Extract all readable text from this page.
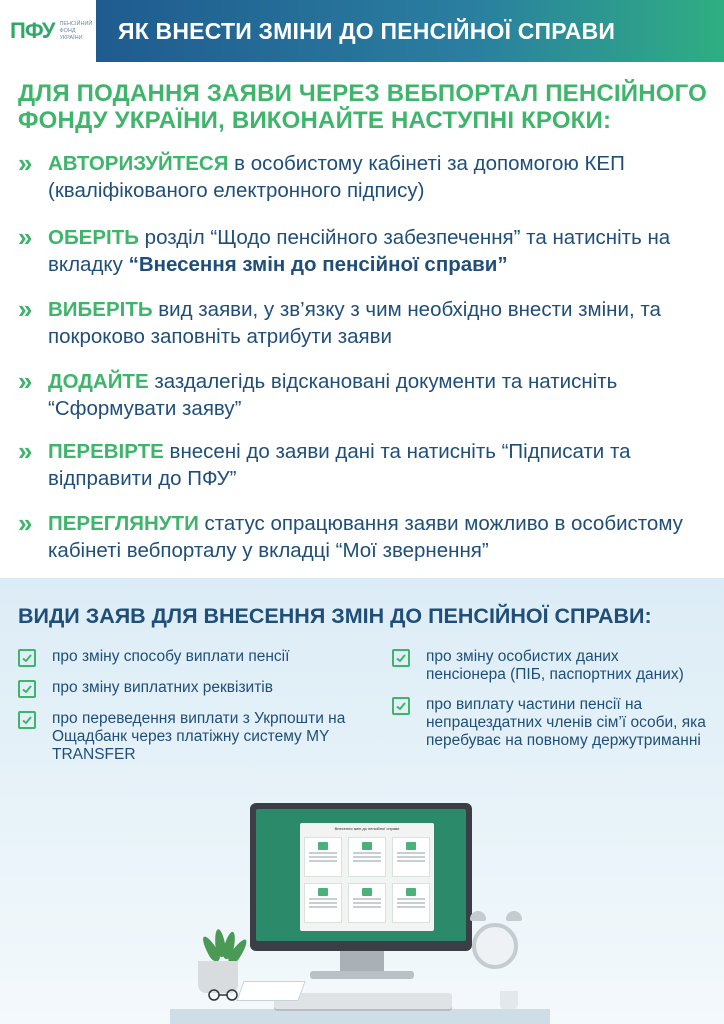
ПФУ ПЕНСІЙНИЙ ФОНД УКРАЇНИ	ЯК ВНЕСТИ ЗМІНИ ДО ПЕНСІЙНОЇ СПРАВИ
ДЛЯ ПОДАННЯ ЗАЯВИ ЧЕРЕЗ ВЕБПОРТАЛ ПЕНСІЙНОГО ФОНДУ УКРАЇНИ, ВИКОНАЙТЕ НАСТУПНІ КРОКИ:
» АВТОРИЗУЙТЕСЯ в особистому кабінеті за допомогою КЕП (кваліфікованого електронного підпису)
» ОБЕРІТЬ розділ “Щодо пенсійного забезпечення” та натисніть на вкладку “Внесення змін до пенсійної справи”
» ВИБЕРІТЬ вид заяви, у зв’язку з чим необхідно внести зміни, та покроково заповніть атрибути заяви
» ДОДАЙТЕ заздалегідь відскановані документи та натисніть “Сформувати заяву”
» ПЕРЕВІРТЕ внесені до заяви дані та натисніть “Підписати та відправити до ПФУ”
» ПЕРЕГЛЯНУТИ статус опрацювання заяви можливо в особистому кабінеті вебпорталу у вкладці “Мої звернення”
ВИДИ ЗАЯВ ДЛЯ ВНЕСЕННЯ ЗМІН ДО ПЕНСІЙНОЇ СПРАВИ:
про зміну способу виплати пенсії
про зміну виплатних реквізитів
про переведення виплати з Укрпошти на Ощадбанк через платіжну систему MY TRANSFER
про зміну особистих даних пенсіонера (ПІБ, паспортних даних)
про виплату частини пенсії на непрацездатних членів сім’ї особи, яка перебуває на повному держутриманні
Внесення змін до пенсійної справи
